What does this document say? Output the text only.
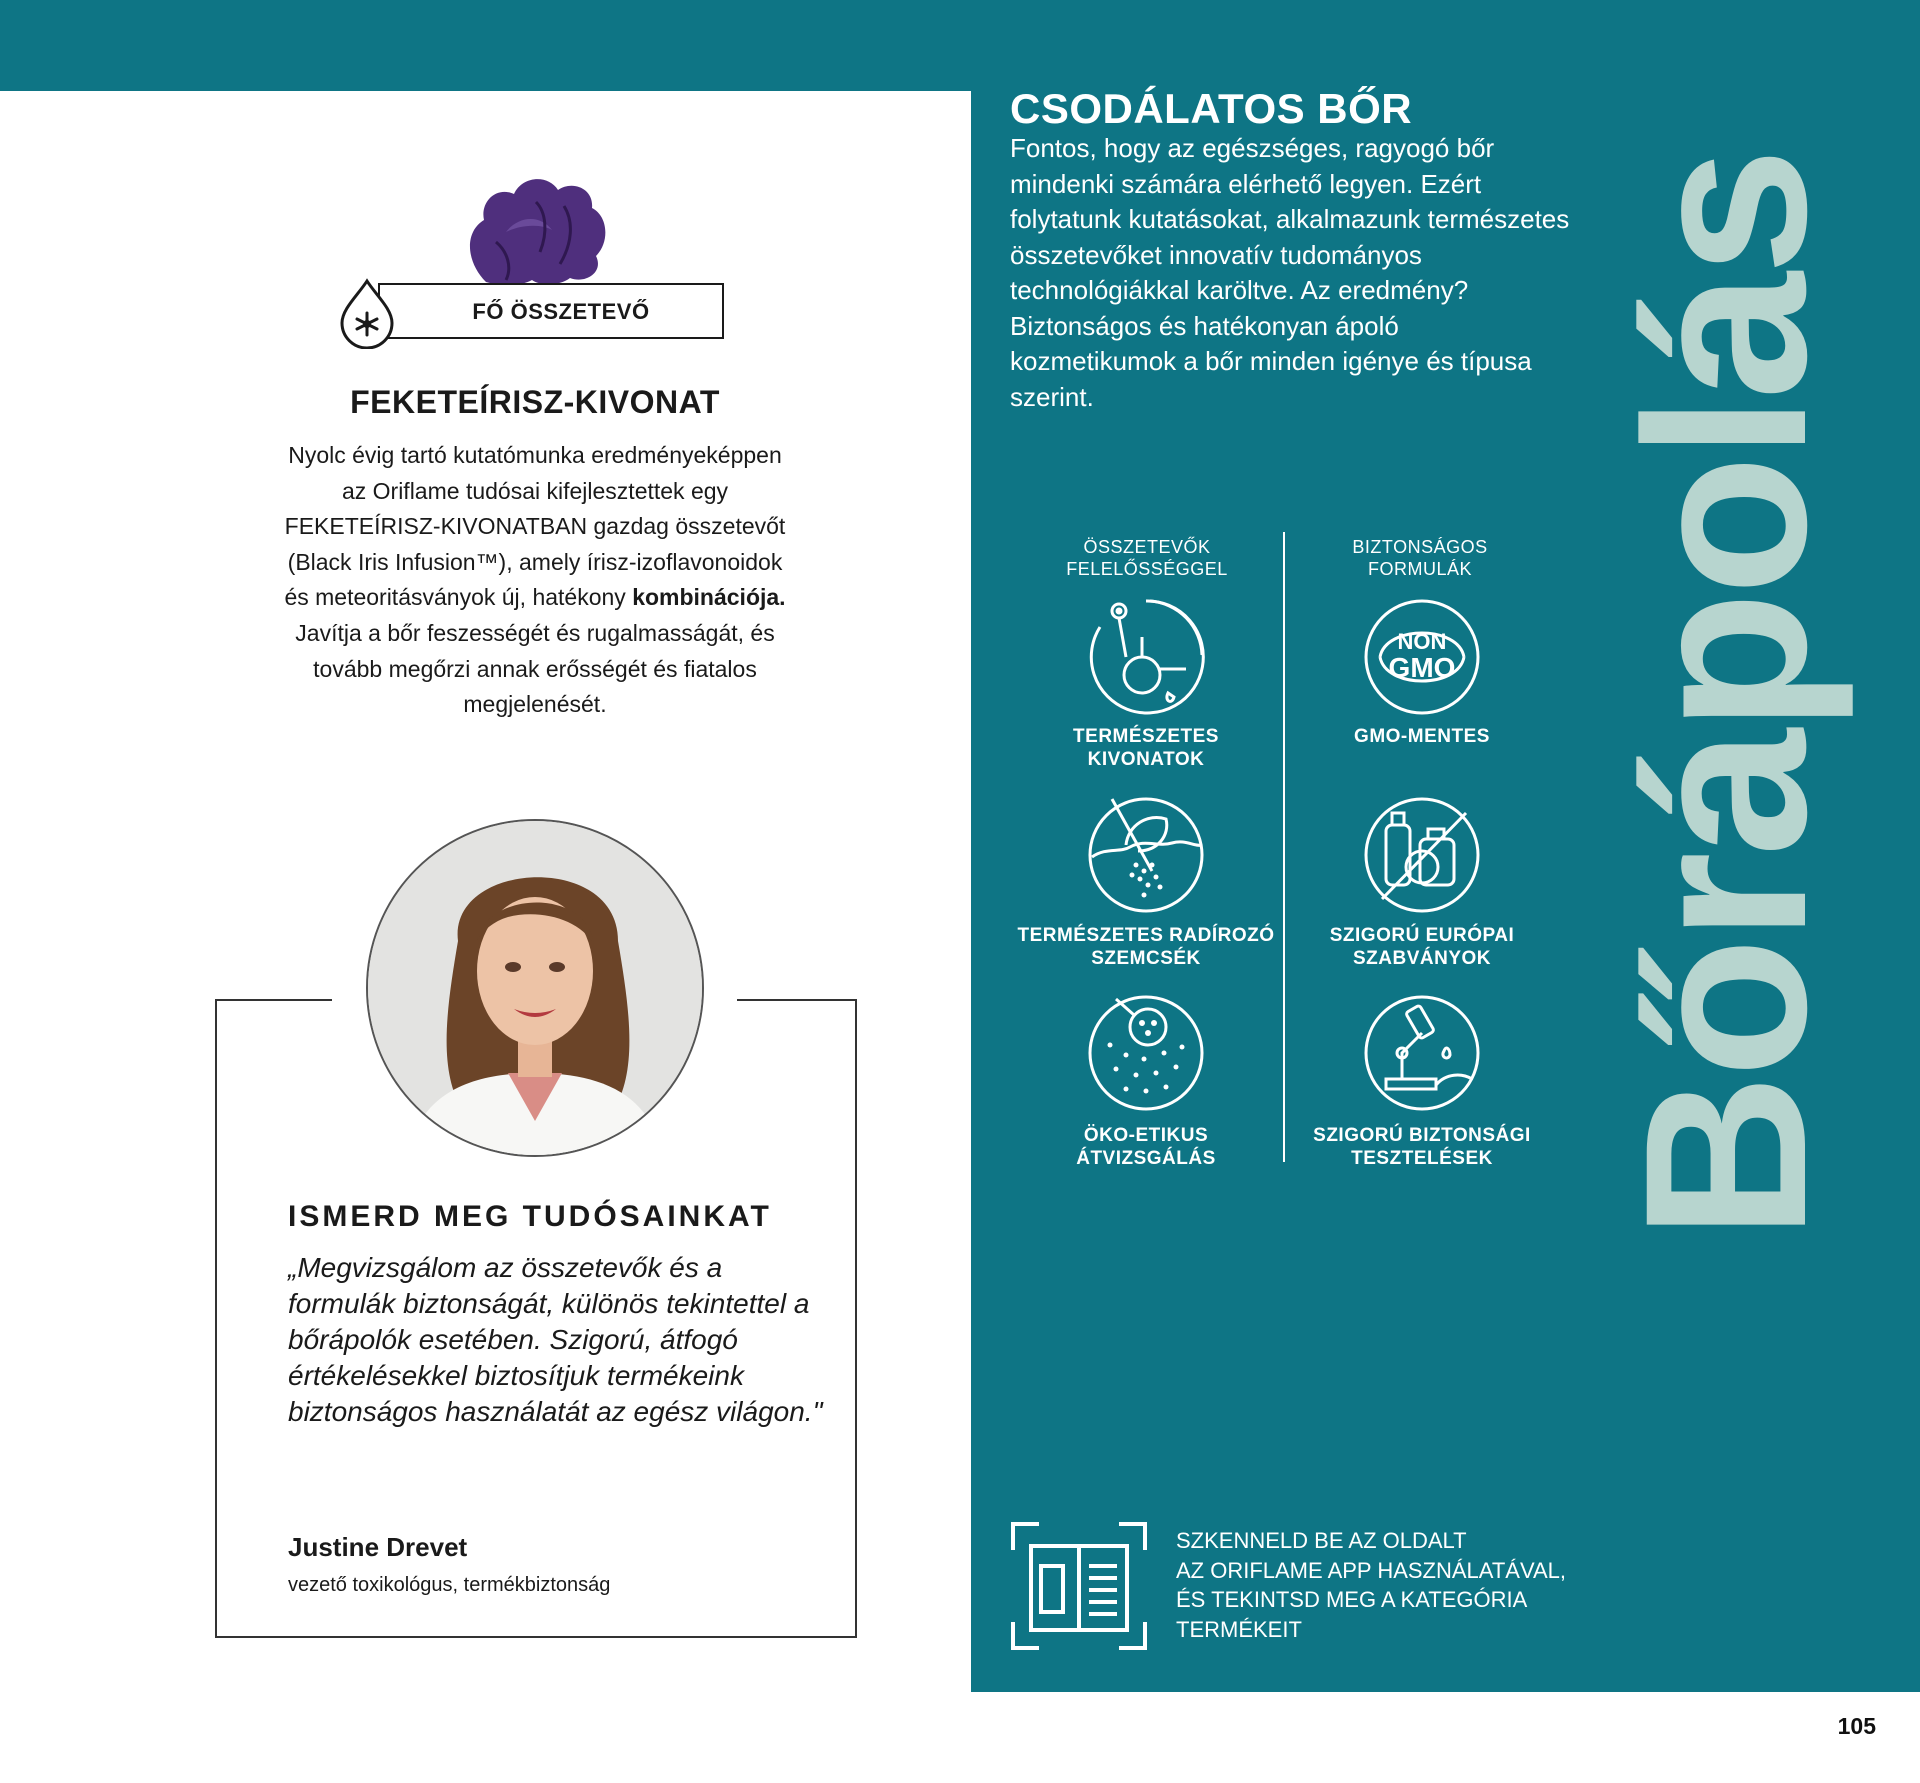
FŐ ÖSSZETEVŐ
FEKETEÍRISZ-KIVONAT
Nyolc évig tartó kutatómunka eredményeképpen az Oriflame tudósai kifejlesztettek egy FEKETEÍRISZ-KIVONATBAN gazdag összetevőt (Black Iris Infusion™), amely írisz-izoflavonoidok és meteoritásványok új, hatékony kombinációja. Javítja a bőr feszességét és rugalmasságát, és tovább megőrzi annak erősségét és fiatalos megjelenését.
ISMERD MEG TUDÓSAINKAT
„Megvizsgálom az összetevők és a formulák biztonságát, különös tekintettel a bőrápolók esetében. Szigorú, átfogó értékelésekkel biztosítjuk termékeink biztonságos használatát az egész világon."
Justine Drevet
vezető toxikológus, termékbiztonság
CSODÁLATOS BŐR
Fontos, hogy az egészséges, ragyogó bőr mindenki számára elérhető legyen. Ezért folytatunk kutatásokat, alkalmazunk természetes összetevőket innovatív tudományos technológiákkal karöltve. Az eredmény? Biztonságos és hatékonyan ápoló kozmetikumok a bőr minden igénye és típusa szerint.
ÖSSZETEVŐK
FELELŐSSÉGGEL
BIZTONSÁGOS
FORMULÁK
TERMÉSZETES
KIVONATOK
NON
GMO
GMO-MENTES
TERMÉSZETES RADÍROZÓ
SZEMCSÉK
SZIGORÚ EURÓPAI
SZABVÁNYOK
ÖKO-ETIKUS
ÁTVIZSGÁLÁS
SZIGORÚ BIZTONSÁGI
TESZTELÉSEK Bőrápolás
SZKENNELD BE AZ OLDALT
AZ ORIFLAME APP HASZNÁLATÁVAL,
ÉS TEKINTSD MEG A KATEGÓRIA
TERMÉKEIT
105
